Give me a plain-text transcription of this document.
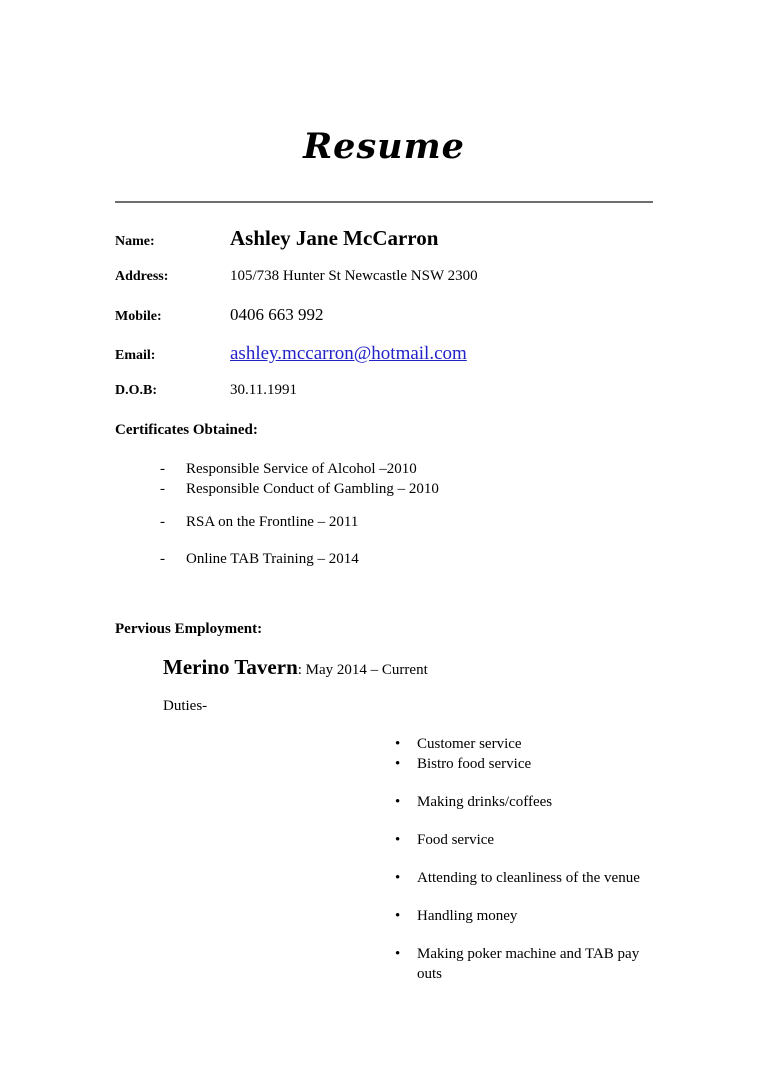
Resume
Name:	Ashley Jane McCarron
Address:	105/738 Hunter St Newcastle NSW 2300
Mobile:	0406 663 992
Email:	ashley.mccarron@hotmail.com
D.O.B:	30.11.1991
Certificates Obtained:
- Responsible Service of Alcohol –2010
- Responsible Conduct of Gambling – 2010
- RSA on the Frontline – 2011
- Online TAB Training – 2014
Pervious Employment:
Merino Tavern: May 2014 – Current
Duties-
• Customer service
• Bistro food service
• Making drinks/coffees
• Food service
• Attending to cleanliness of the venue
• Handling money
• Making poker machine and TAB pay outs
